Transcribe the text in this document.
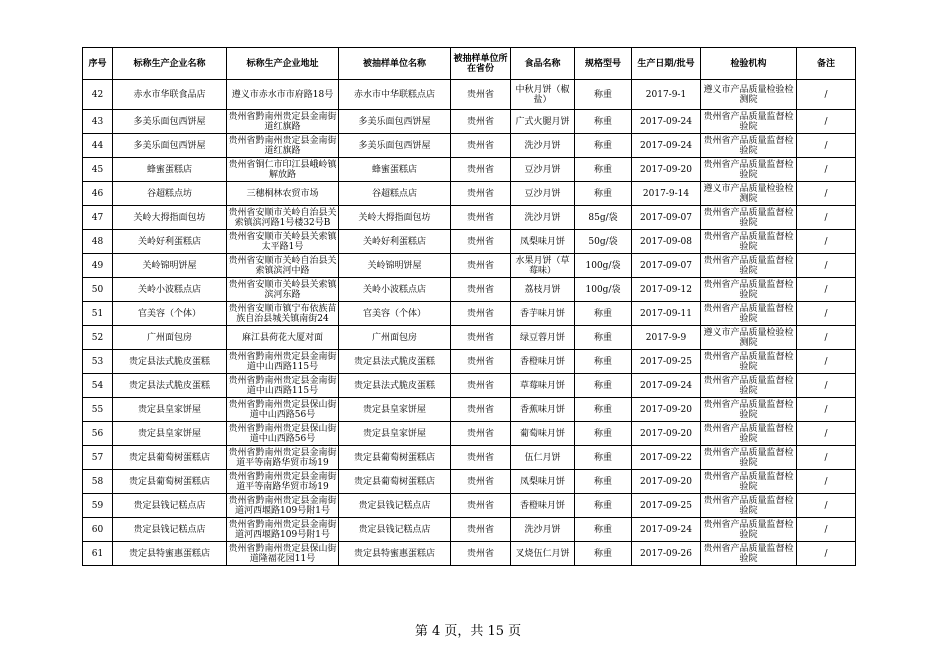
序号	标称生产企业名称	标称生产企业地址	被抽样单位名称	被抽样单位所在省份	食品名称	规格型号	生产日期/批号	检验机构	备注
42	赤水市华联食品店	遵义市赤水市市府路18号	赤水市中华联糕点店	贵州省	中秋月饼（椒盐）	称重	2017-9-1	遵义市产品质量检验检测院	/
43	多美乐面包西饼屋	贵州省黔南州贵定县金南街道红旗路	多美乐面包西饼屋	贵州省	广式火腿月饼	称重	2017-09-24	贵州省产品质量监督检验院	/
44	多美乐面包西饼屋	贵州省黔南州贵定县金南街道红旗路	多美乐面包西饼屋	贵州省	洗沙月饼	称重	2017-09-24	贵州省产品质量监督检验院	/
45	蜂蜜蛋糕店	贵州省铜仁市印江县峨岭镇解放路	蜂蜜蛋糕店	贵州省	豆沙月饼	称重	2017-09-20	贵州省产品质量监督检验院	/
46	谷超糕点坊	三穗桐林农贸市场	谷超糕点店	贵州省	豆沙月饼	称重	2017-9-14	遵义市产品质量检验检测院	/
47	关岭大拇指面包坊	贵州省安顺市关岭自治县关索镇滨河路1号楼32号B	关岭大拇指面包坊	贵州省	洗沙月饼	85g/袋	2017-09-07	贵州省产品质量监督检验院	/
48	关岭好利蛋糕店	贵州省安顺市关岭县关索镇太平路1号	关岭好利蛋糕店	贵州省	凤梨味月饼	50g/袋	2017-09-08	贵州省产品质量监督检验院	/
49	关岭锦明饼屋	贵州省安顺市关岭自治县关索镇滨河中路	关岭锦明饼屋	贵州省	水果月饼（草莓味）	100g/袋	2017-09-07	贵州省产品质量监督检验院	/
50	关岭小波糕点店	贵州省安顺市关岭县关索镇滨河东路	关岭小波糕点店	贵州省	荔枝月饼	100g/袋	2017-09-12	贵州省产品质量监督检验院	/
51	官美容（个体）	贵州省安顺市镇宁布依族苗族自治县城关镇南街24	官美容（个体）	贵州省	香芋味月饼	称重	2017-09-11	贵州省产品质量监督检验院	/
52	广州面包房	麻江县荷花大厦对面	广州面包房	贵州省	绿豆蓉月饼	称重	2017-9-9	遵义市产品质量检验检测院	/
53	贵定县法式脆皮蛋糕	贵州省黔南州贵定县金南街道中山西路115号	贵定县法式脆皮蛋糕	贵州省	香橙味月饼	称重	2017-09-25	贵州省产品质量监督检验院	/
54	贵定县法式脆皮蛋糕	贵州省黔南州贵定县金南街道中山西路115号	贵定县法式脆皮蛋糕	贵州省	草莓味月饼	称重	2017-09-24	贵州省产品质量监督检验院	/
55	贵定县皇家饼屋	贵州省黔南州贵定县保山街道中山西路56号	贵定县皇家饼屋	贵州省	香蕉味月饼	称重	2017-09-20	贵州省产品质量监督检验院	/
56	贵定县皇家饼屋	贵州省黔南州贵定县保山街道中山西路56号	贵定县皇家饼屋	贵州省	葡萄味月饼	称重	2017-09-20	贵州省产品质量监督检验院	/
57	贵定县葡萄树蛋糕店	贵州省黔南州贵定县金南街道平等南路华贸市场19	贵定县葡萄树蛋糕店	贵州省	伍仁月饼	称重	2017-09-22	贵州省产品质量监督检验院	/
58	贵定县葡萄树蛋糕店	贵州省黔南州贵定县金南街道平等南路华贸市场19	贵定县葡萄树蛋糕店	贵州省	凤梨味月饼	称重	2017-09-20	贵州省产品质量监督检验院	/
59	贵定县钱记糕点店	贵州省黔南州贵定县金南街道河西堰路109号附1号	贵定县钱记糕点店	贵州省	香橙味月饼	称重	2017-09-25	贵州省产品质量监督检验院	/
60	贵定县钱记糕点店	贵州省黔南州贵定县金南街道河西堰路109号附1号	贵定县钱记糕点店	贵州省	洗沙月饼	称重	2017-09-24	贵州省产品质量监督检验院	/
61	贵定县特蜜惠蛋糕店	贵州省黔南州贵定县保山街道隆福花园11号	贵定县特蜜惠蛋糕店	贵州省	叉烧伍仁月饼	称重	2017-09-26	贵州省产品质量监督检验院	/
第 4 页，共 15 页
